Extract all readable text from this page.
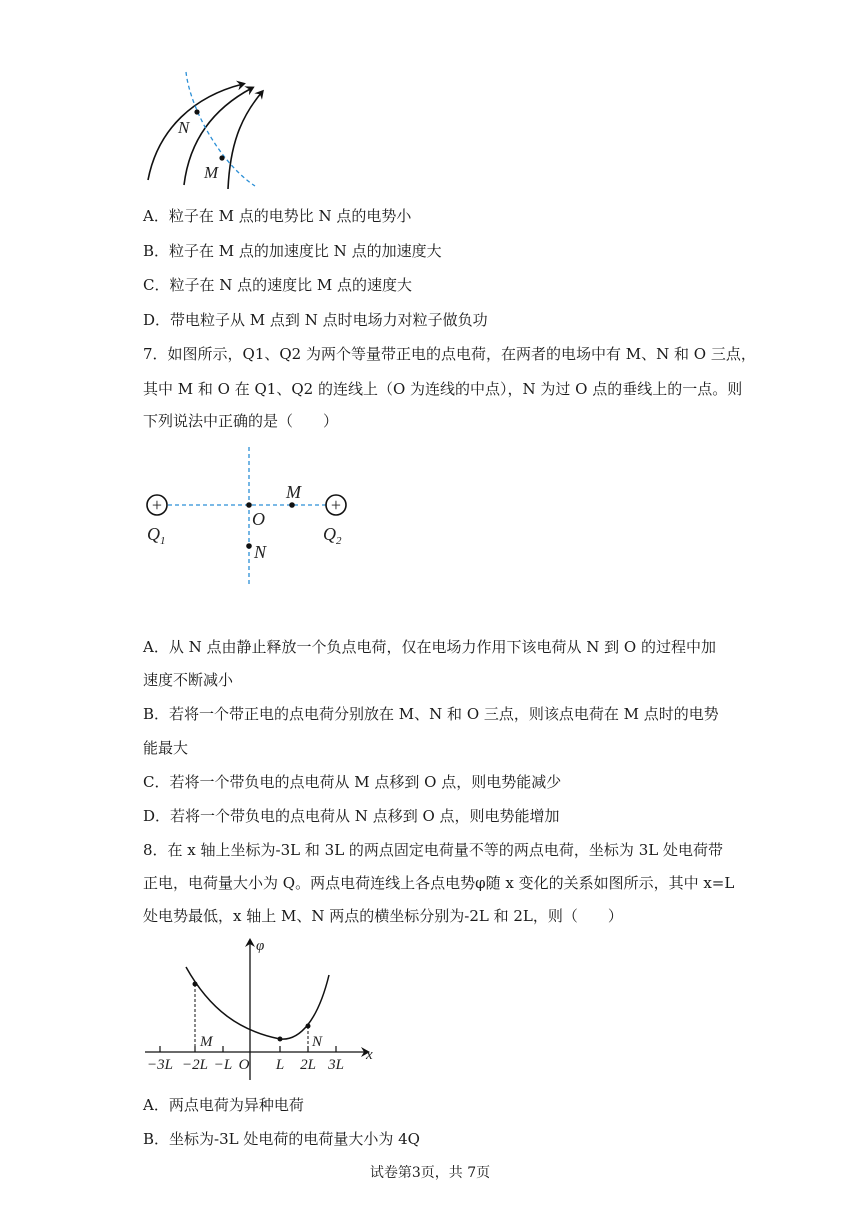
N
M
A．粒子在 M 点的电势比 N 点的电势小
B．粒子在 M 点的加速度比 N 点的加速度大
C．粒子在 N 点的速度比 M 点的速度大
D．带电粒子从 M 点到 N 点时电场力对粒子做负功
7．如图所示，Q1、Q2 为两个等量带正电的点电荷，在两者的电场中有 M、N 和 O 三点，
其中 M 和 O 在 Q1、Q2 的连线上（O 为连线的中点），N 为过 O 点的垂线上的一点。则
下列说法中正确的是（　　）
+	+
$Q_1$	$Q_2$
O
M
N
A．从 N 点由静止释放一个负点电荷，仅在电场力作用下该电荷从 N 到 O 的过程中加
速度不断减小
B．若将一个带正电的点电荷分别放在 M、N 和 O 三点，则该点电荷在 M 点时的电势
能最大
C．若将一个带负电的点电荷从 M 点移到 O 点，则电势能减少
D．若将一个带负电的点电荷从 N 点移到 O 点，则电势能增加
8．在 x 轴上坐标为-3L 和 3L 的两点固定电荷量不等的两点电荷，坐标为 3L 处电荷带
正电，电荷量大小为 Q。两点电荷连线上各点电势φ随 x 变化的关系如图所示，其中 x=L
处电势最低，x 轴上 M、N 两点的横坐标分别为-2L 和 2L，则（　　）
φ
x
M	N
−3L −2L −L O L 2L 3L
A．两点电荷为异种电荷
B．坐标为-3L 处电荷的电荷量大小为 4Q
试卷第3页，共 7页
